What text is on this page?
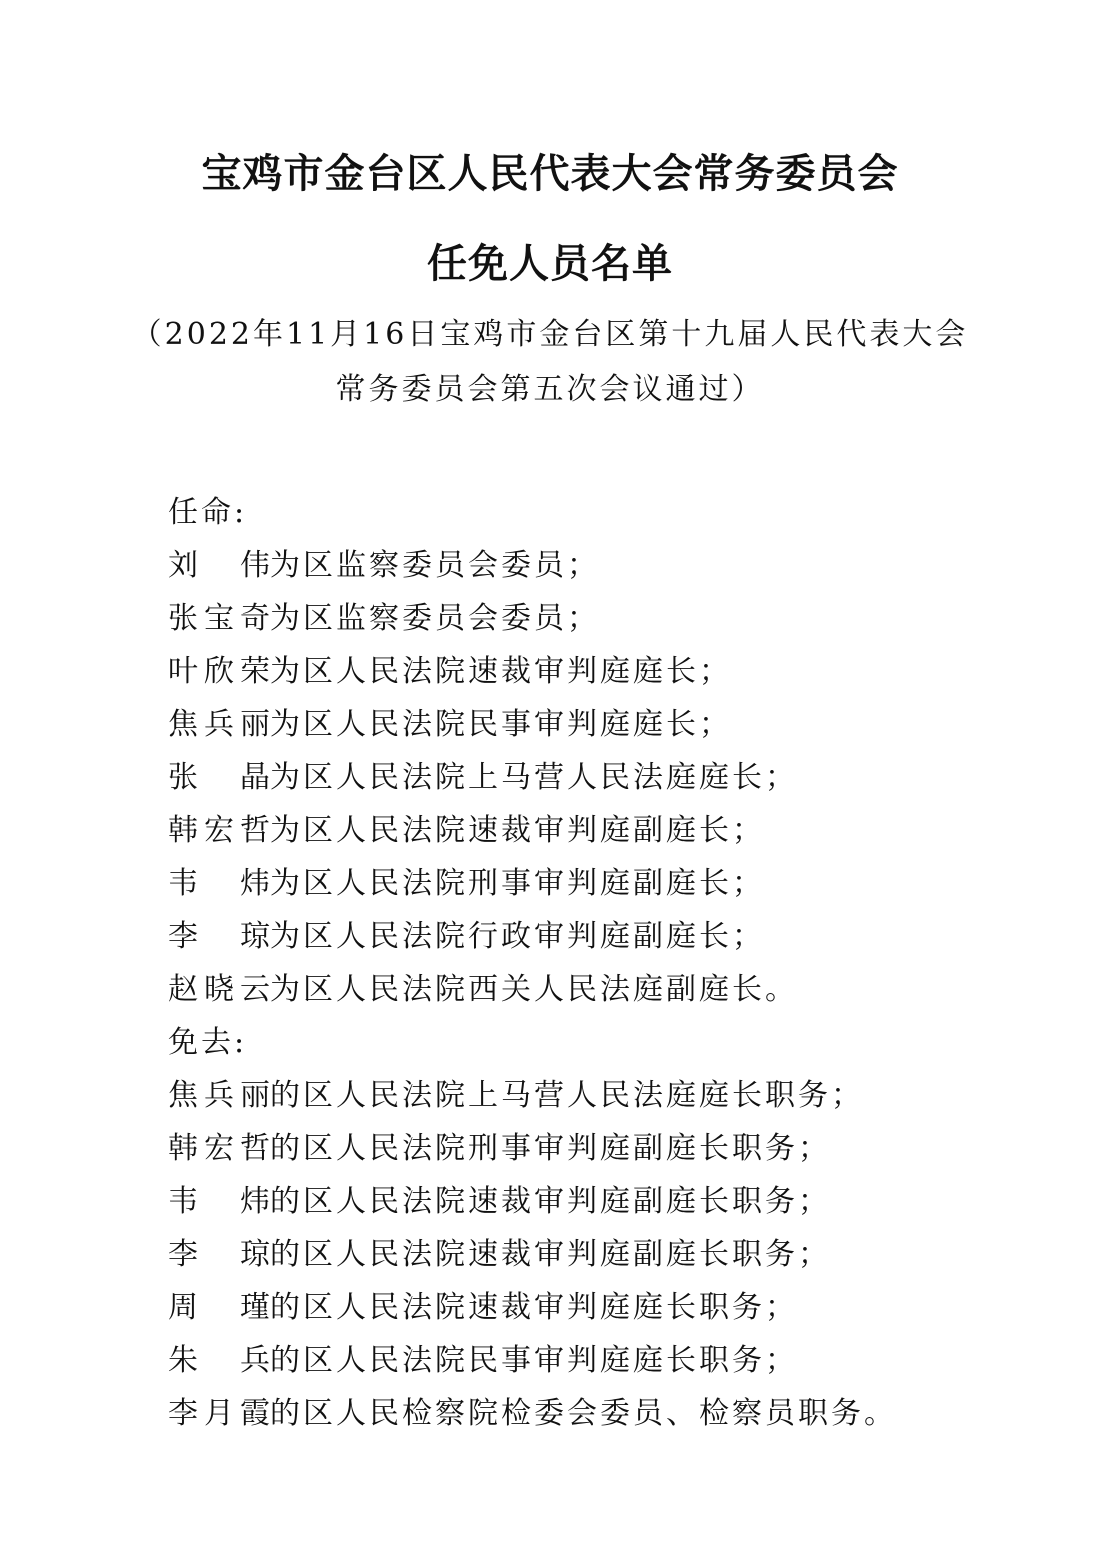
宝鸡市金台区人民代表大会常务委员会
任免人员名单
（2022年11月16日宝鸡市金台区第十九届人民代表大会
常务委员会第五次会议通过）
任命:
刘伟为区监察委员会委员；
张宝奇为区监察委员会委员；
叶欣荣为区人民法院速裁审判庭庭长；
焦兵丽为区人民法院民事审判庭庭长；
张晶为区人民法院上马营人民法庭庭长；
韩宏哲为区人民法院速裁审判庭副庭长；
韦炜为区人民法院刑事审判庭副庭长；
李琼为区人民法院行政审判庭副庭长；
赵晓云为区人民法院西关人民法庭副庭长。
免去:
焦兵丽的区人民法院上马营人民法庭庭长职务；
韩宏哲的区人民法院刑事审判庭副庭长职务；
韦炜的区人民法院速裁审判庭副庭长职务；
李琼的区人民法院速裁审判庭副庭长职务；
周瑾的区人民法院速裁审判庭庭长职务；
朱兵的区人民法院民事审判庭庭长职务；
李月霞的区人民检察院检委会委员、检察员职务。
